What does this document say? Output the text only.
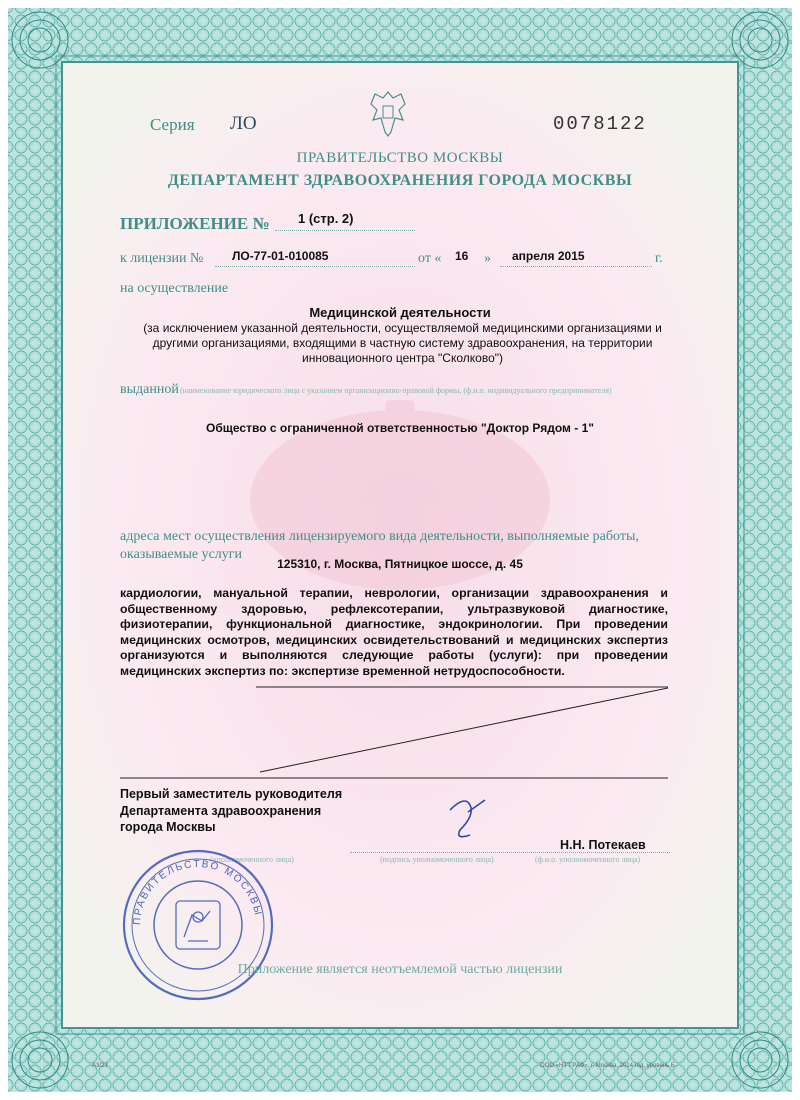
Серия ЛО	0078122
ПРАВИТЕЛЬСТВО МОСКВЫ
ДЕПАРТАМЕНТ ЗДРАВООХРАНЕНИЯ ГОРОДА МОСКВЫ
ПРИЛОЖЕНИЕ № 1 (стр. 2)
к лицензии № ЛО-77-01-010085	от « 16 » апреля 2015	г.
на осуществление
Медицинской деятельности
(за исключением указанной деятельности, осуществляемой медицинскими организациями и другими организациями, входящими в частную систему здравоохранения, на территории инновационного центра "Сколково")
выданной (наименование юридического лица с указанием организационно-правовой формы, (ф.и.о. индивидуального предпринимателя)
Общество с ограниченной ответственностью "Доктор Рядом - 1"
адреса мест осуществления лицензируемого вида деятельности, выполняемые работы, оказываемые услуги
125310, г. Москва, Пятницкое шоссе, д. 45
кардиологии, мануальной терапии, неврологии, организации здравоохранения и общественному здоровью, рефлексотерапии, ультразвуковой диагностике, физиотерапии, функциональной диагностике, эндокринологии. При проведении медицинских осмотров, медицинских освидетельствований и медицинских экспертиз организуются и выполняются следующие работы (услуги): при проведении медицинских экспертиз по: экспертизе временной нетрудоспособности.
Первый заместитель руководителя Департамента здравоохранения города Москвы
Н.Н. Потекаев
(уполномоченного лица)	(подпись уполномоченного лица)	(ф.и.о. уполномоченного лица)
ПРАВИТЕЛЬСТВО МОСКВЫ
Приложение является неотъемлемой частью лицензии
А3/23	ООО «НТ"ГРАФ», г. Москва, 2014 год, уровень Б
